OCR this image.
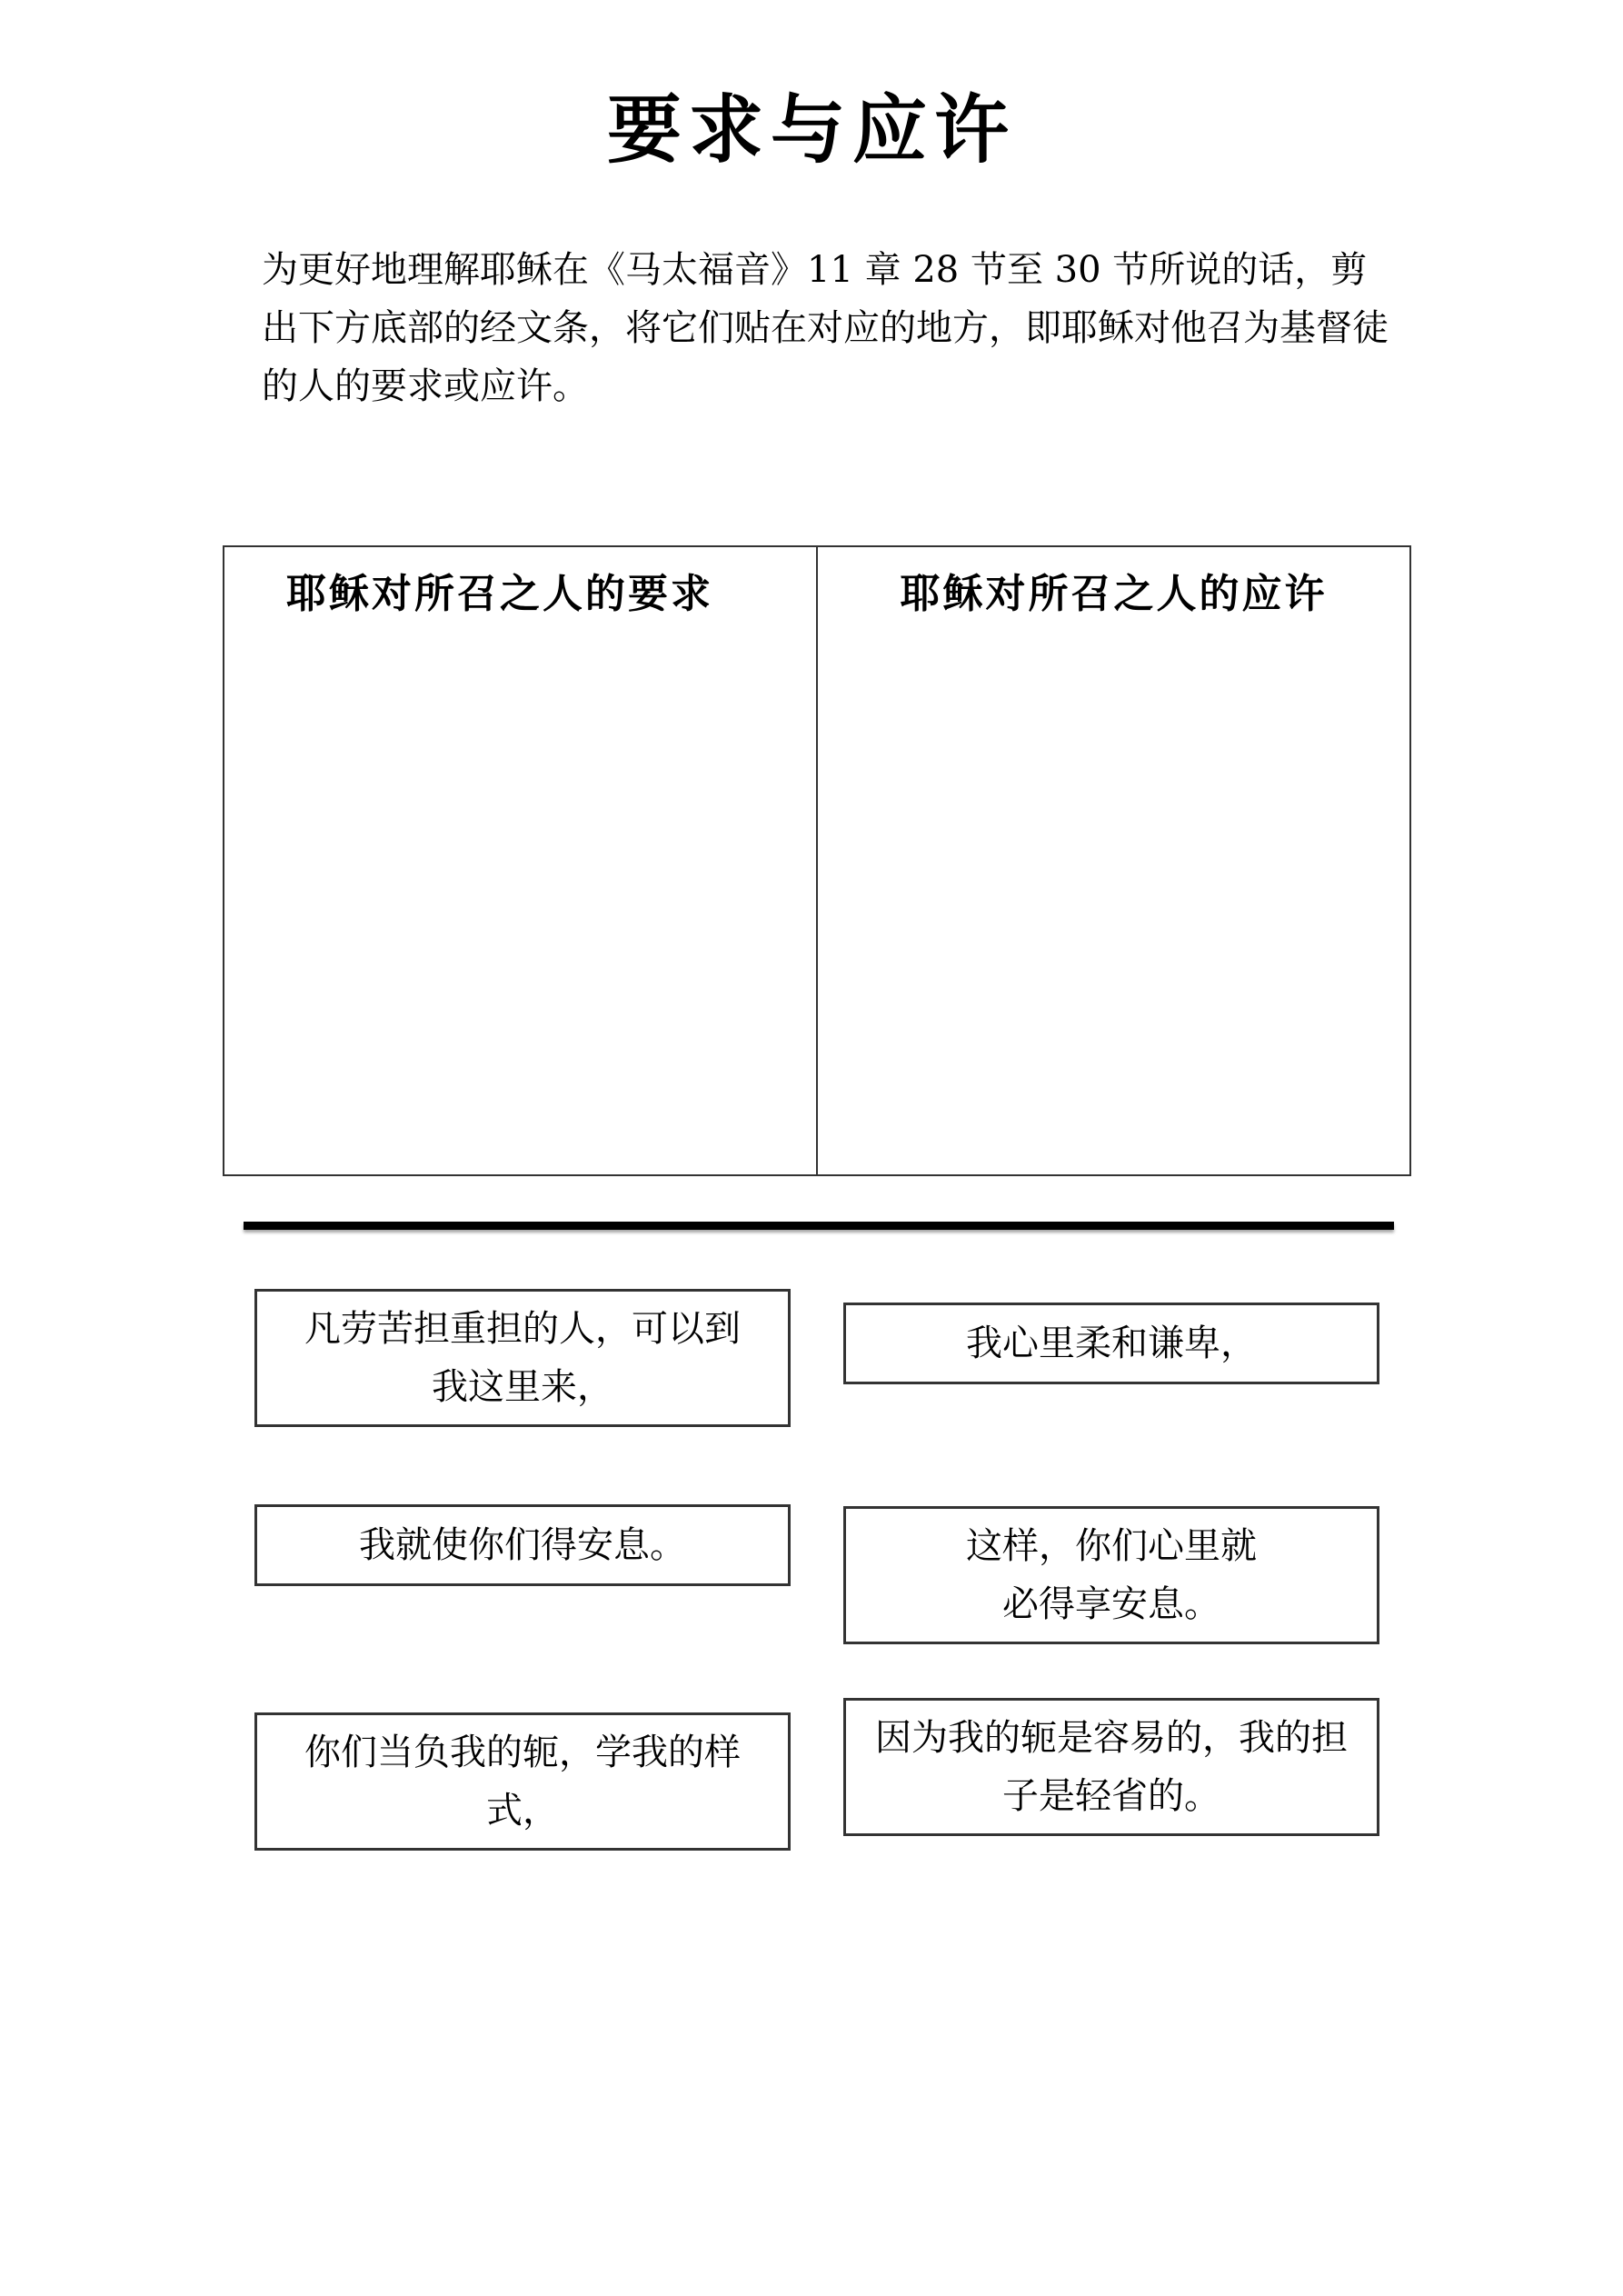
要求与应许
为更好地理解耶稣在《马太福音》11 章 28 节至 30 节所说的话，剪出下方底部的经文条，将它们贴在对应的地方，即耶稣对他召为基督徒的人的要求或应许。
耶稣对所召之人的要求	耶稣对所召之人的应许
凡劳苦担重担的人，可以到我这里来，
我心里柔和谦卑，
我就使你们得安息。	这样，你们心里就必得享安息。
你们当负我的轭，学我的样式，
因为我的轭是容易的，我的担子是轻省的。
